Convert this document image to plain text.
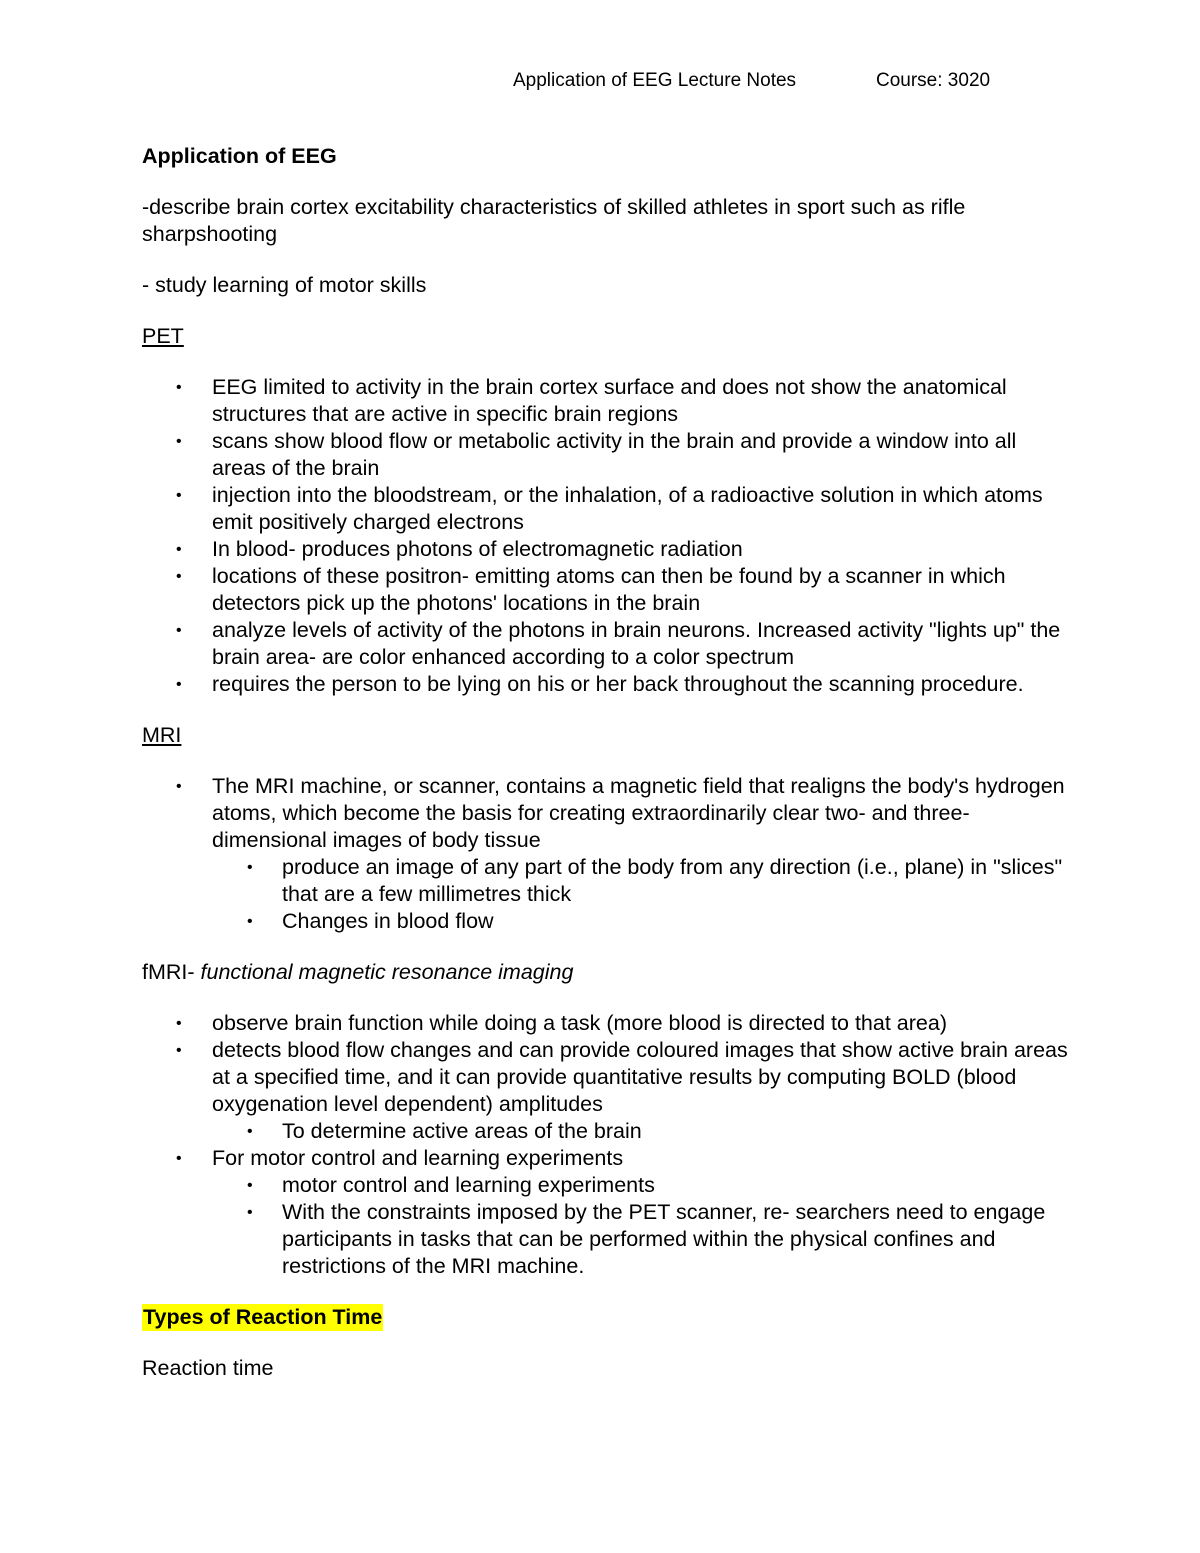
Application of EEG Lecture Notes	Course: 3020
Application of EEG
-describe brain cortex excitability characteristics of skilled athletes in sport such as rifle sharpshooting
- study learning of motor skills
PET
• EEG limited to activity in the brain cortex surface and does not show the anatomical structures that are active in specific brain regions
• scans show blood flow or metabolic activity in the brain and provide a window into all areas of the brain
• injection into the bloodstream, or the inhalation, of a radioactive solution in which atoms emit positively charged electrons
• In blood- produces photons of electromagnetic radiation
• locations of these positron- emitting atoms can then be found by a scanner in which detectors pick up the photons' locations in the brain
• analyze levels of activity of the photons in brain neurons. Increased activity "lights up" the brain area- are color enhanced according to a color spectrum
• requires the person to be lying on his or her back throughout the scanning procedure.
MRI
• The MRI machine, or scanner, contains a magnetic field that realigns the body's hydrogen atoms, which become the basis for creating extraordinarily clear two- and three-dimensional images of body tissue
• produce an image of any part of the body from any direction (i.e., plane) in "slices" that are a few millimetres thick
• Changes in blood flow
fMRI- functional magnetic resonance imaging
• observe brain function while doing a task (more blood is directed to that area)
• detects blood flow changes and can provide coloured images that show active brain areas at a specified time, and it can provide quantitative results by computing BOLD (blood oxygenation level dependent) amplitudes
• To determine active areas of the brain
• For motor control and learning experiments
• motor control and learning experiments
• With the constraints imposed by the PET scanner, re- searchers need to engage participants in tasks that can be performed within the physical confines and restrictions of the MRI machine.
Types of Reaction Time
Reaction time
